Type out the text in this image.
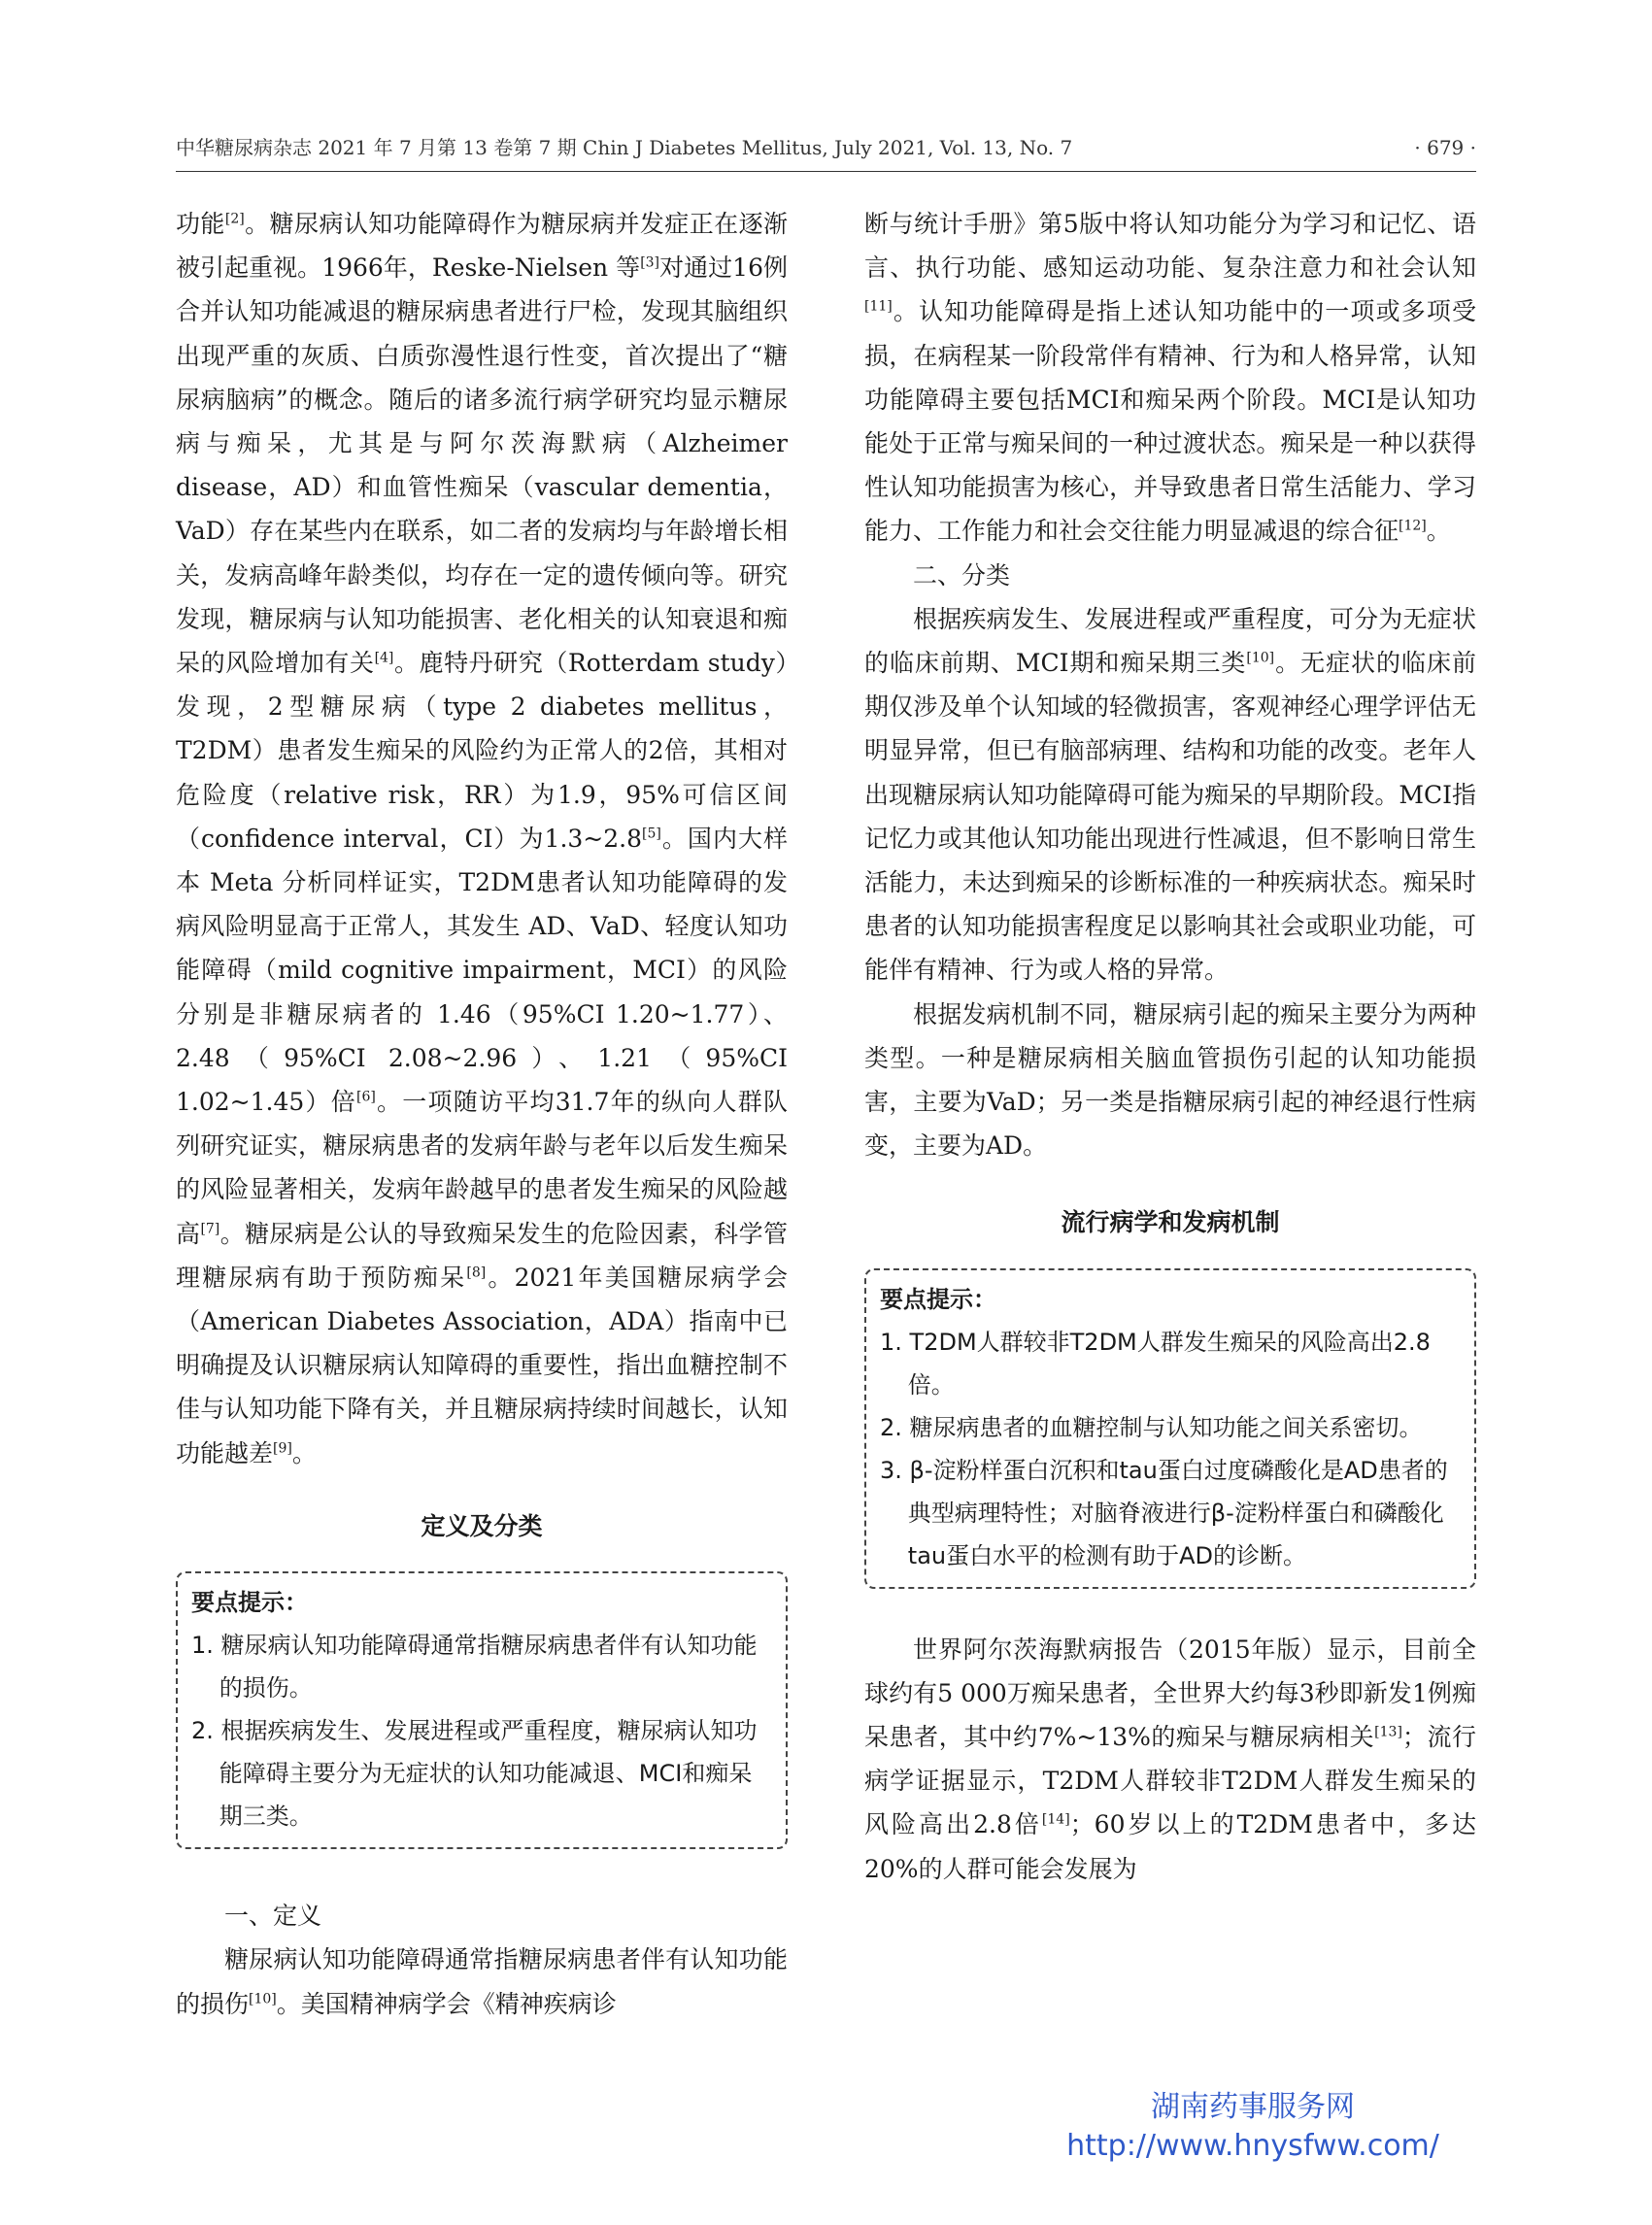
中华糖尿病杂志 2021 年 7 月第 13 卷第 7 期 Chin J Diabetes Mellitus, July 2021, Vol. 13, No. 7	· 679 ·

功能[2]。糖尿病认知功能障碍作为糖尿病并发症正在逐渐被引起重视。1966年，Reske-Nielsen 等[3]对通过16例合并认知功能减退的糖尿病患者进行尸检，发现其脑组织出现严重的灰质、白质弥漫性退行性变，首次提出了“糖尿病脑病”的概念。随后的诸多流行病学研究均显示糖尿病与痴呆，尤其是与阿尔茨海默病（Alzheimer disease，AD）和血管性痴呆（vascular dementia，VaD）存在某些内在联系，如二者的发病均与年龄增长相关，发病高峰年龄类似，均存在一定的遗传倾向等。研究发现，糖尿病与认知功能损害、老化相关的认知衰退和痴呆的风险增加有关[4]。鹿特丹研究（Rotterdam study）发现，2型糖尿病（type 2 diabetes mellitus，T2DM）患者发生痴呆的风险约为正常人的2倍，其相对危险度（relative risk，RR）为1.9，95%可信区间（confidence interval，CI）为1.3~2.8[5]。国内大样本 Meta 分析同样证实，T2DM患者认知功能障碍的发病风险明显高于正常人，其发生 AD、VaD、轻度认知功能障碍（mild cognitive impairment，MCI）的风险分别是非糖尿病者的 1.46（95%CI 1.20~1.77）、2.48（95%CI 2.08~2.96）、1.21（95%CI 1.02~1.45）倍[6]。一项随访平均31.7年的纵向人群队列研究证实，糖尿病患者的发病年龄与老年以后发生痴呆的风险显著相关，发病年龄越早的患者发生痴呆的风险越高[7]。糖尿病是公认的导致痴呆发生的危险因素，科学管理糖尿病有助于预防痴呆[8]。2021年美国糖尿病学会（American Diabetes Association，ADA）指南中已明确提及认识糖尿病认知障碍的重要性，指出血糖控制不佳与认知功能下降有关，并且糖尿病持续时间越长，认知功能越差[9]。

定义及分类

要点提示：
1. 糖尿病认知功能障碍通常指糖尿病患者伴有认知功能的损伤。
2. 根据疾病发生、发展进程或严重程度，糖尿病认知功能障碍主要分为无症状的认知功能减退、MCI和痴呆期三类。

一、定义

糖尿病认知功能障碍通常指糖尿病患者伴有认知功能的损伤[10]。美国精神病学会《精神疾病诊

断与统计手册》第5版中将认知功能分为学习和记忆、语言、执行功能、感知运动功能、复杂注意力和社会认知[11]。认知功能障碍是指上述认知功能中的一项或多项受损，在病程某一阶段常伴有精神、行为和人格异常，认知功能障碍主要包括MCI和痴呆两个阶段。MCI是认知功能处于正常与痴呆间的一种过渡状态。痴呆是一种以获得性认知功能损害为核心，并导致患者日常生活能力、学习能力、工作能力和社会交往能力明显减退的综合征[12]。

二、分类

根据疾病发生、发展进程或严重程度，可分为无症状的临床前期、MCI期和痴呆期三类[10]。无症状的临床前期仅涉及单个认知域的轻微损害，客观神经心理学评估无明显异常，但已有脑部病理、结构和功能的改变。老年人出现糖尿病认知功能障碍可能为痴呆的早期阶段。MCI指记忆力或其他认知功能出现进行性减退，但不影响日常生活能力，未达到痴呆的诊断标准的一种疾病状态。痴呆时患者的认知功能损害程度足以影响其社会或职业功能，可能伴有精神、行为或人格的异常。

根据发病机制不同，糖尿病引起的痴呆主要分为两种类型。一种是糖尿病相关脑血管损伤引起的认知功能损害，主要为VaD；另一类是指糖尿病引起的神经退行性病变，主要为AD。

流行病学和发病机制

要点提示：
1. T2DM人群较非T2DM人群发生痴呆的风险高出2.8倍。
2. 糖尿病患者的血糖控制与认知功能之间关系密切。
3. β-淀粉样蛋白沉积和tau蛋白过度磷酸化是AD患者的典型病理特性；对脑脊液进行β-淀粉样蛋白和磷酸化tau蛋白水平的检测有助于AD的诊断。

世界阿尔茨海默病报告（2015年版）显示，目前全球约有5 000万痴呆患者，全世界大约每3秒即新发1例痴呆患者，其中约7%~13%的痴呆与糖尿病相关[13]；流行病学证据显示，T2DM人群较非T2DM人群发生痴呆的风险高出2.8倍[14]；60岁以上的T2DM患者中，多达20%的人群可能会发展为

湖南药事服务网
http://www.hnysfww.com/
